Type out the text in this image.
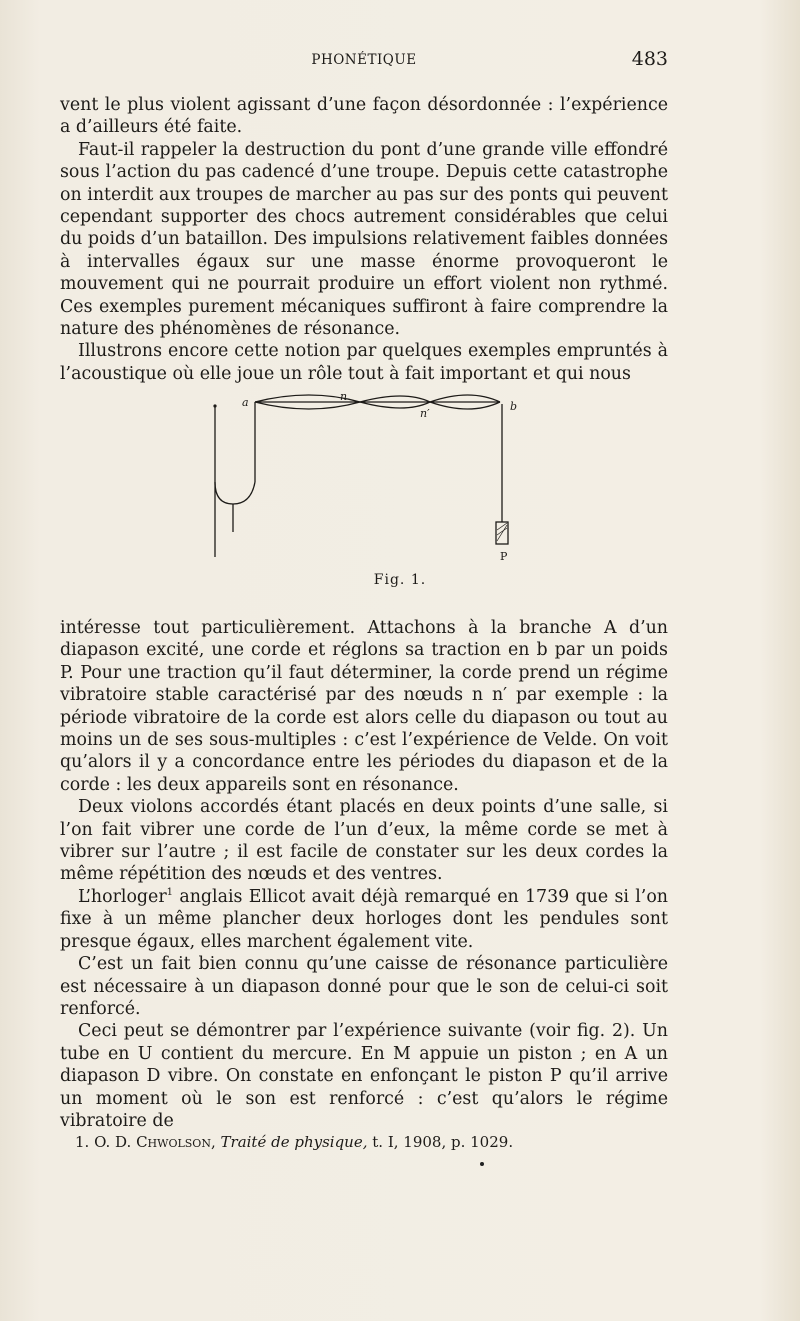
PHONÉTIQUE	483

vent le plus violent agissant d’une façon désordonnée : l’expérience a d’ailleurs été faite.

Faut-il rappeler la destruction du pont d’une grande ville effondré sous l’action du pas cadencé d’une troupe. Depuis cette catastrophe on interdit aux troupes de marcher au pas sur des ponts qui peuvent cependant supporter des chocs autrement considérables que celui du poids d’un bataillon. Des impulsions relativement faibles données à intervalles égaux sur une masse énorme provoqueront le mouvement qui ne pourrait produire un effort violent non rythmé. Ces exemples purement mécaniques suffiront à faire comprendre la nature des phénomènes de résonance.

Illustrons encore cette notion par quelques exemples empruntés à l’acoustique où elle joue un rôle tout à fait important et qui nous

a	n
n′
b
P
Fig. 1.

intéresse tout particulièrement. Attachons à la branche A d’un diapason excité, une corde et réglons sa traction en b par un poids P. Pour une traction qu’il faut déterminer, la corde prend un régime vibratoire stable caractérisé par des nœuds n n′ par exemple : la période vibratoire de la corde est alors celle du diapason ou tout au moins un de ses sous-multiples : c’est l’expérience de Velde. On voit qu’alors il y a concordance entre les périodes du diapason et de la corde : les deux appareils sont en résonance.

Deux violons accordés étant placés en deux points d’une salle, si l’on fait vibrer une corde de l’un d’eux, la même corde se met à vibrer sur l’autre ; il est facile de constater sur les deux cordes la même répétition des nœuds et des ventres.

L’horloger$^1$ anglais Ellicot avait déjà remarqué en 1739 que si l’on fixe à un même plancher deux horloges dont les pendules sont presque égaux, elles marchent également vite.

C’est un fait bien connu qu’une caisse de résonance particulière est nécessaire à un diapason donné pour que le son de celui-ci soit renforcé.

Ceci peut se démontrer par l’expérience suivante (voir fig. 2). Un tube en U contient du mercure. En M appuie un piston ; en A un diapason D vibre. On constate en enfonçant le piston P qu’il arrive un moment où le son est renforcé : c’est qu’alors le régime vibratoire de

1. O. D. Chwolson, Traité de physique, t. I, 1908, p. 1029.
